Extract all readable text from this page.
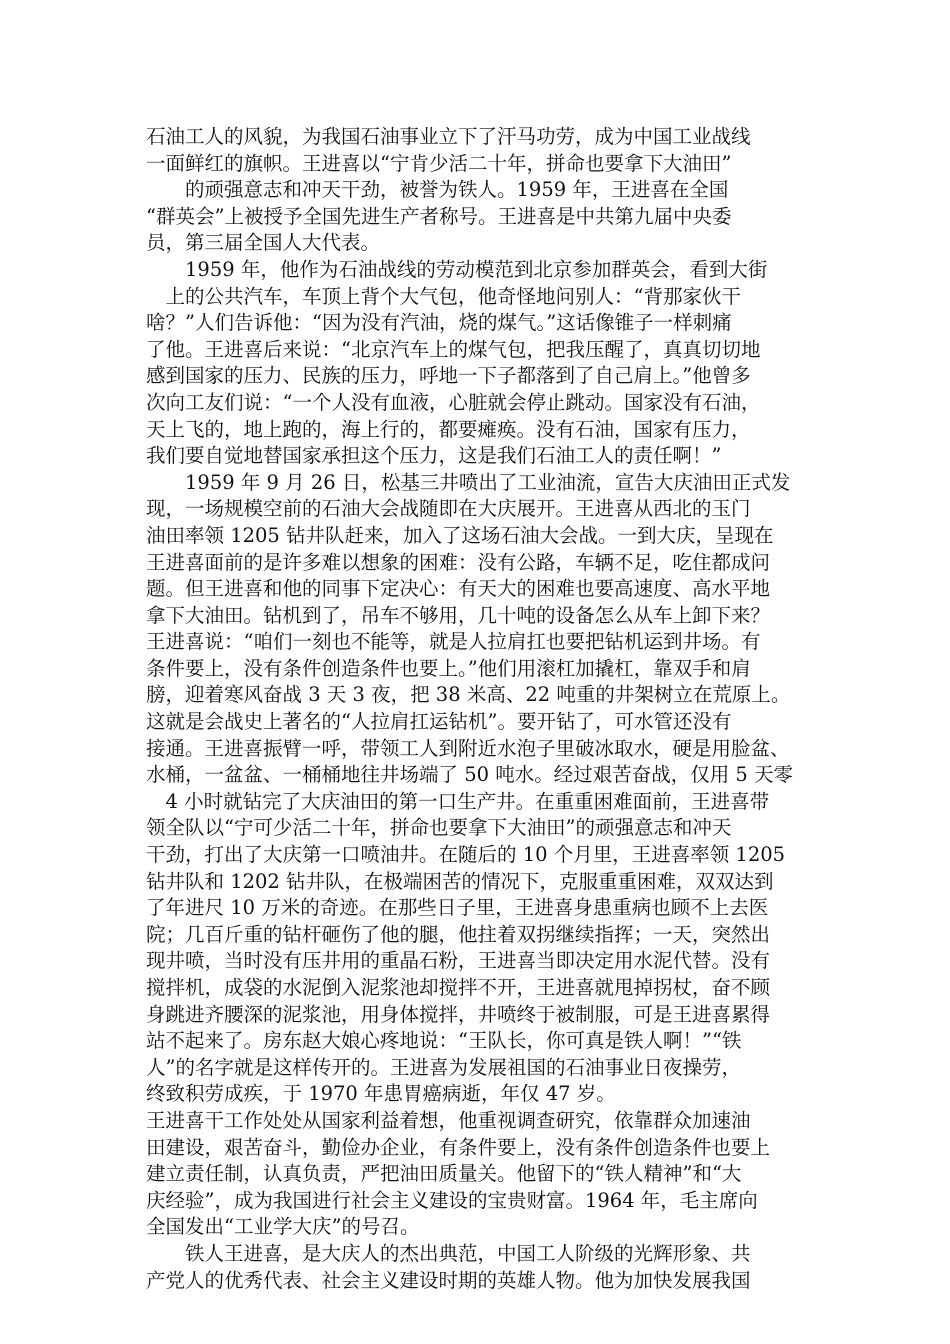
石油工人的风貌，为我国石油事业立下了汗马功劳，成为中国工业战线
一面鲜红的旗帜。王进喜以“宁肯少活二十年，拼命也要拿下大油田”
　　的顽强意志和冲天干劲，被誉为铁人。1959 年，王进喜在全国
“群英会”上被授予全国先进生产者称号。王进喜是中共第九届中央委
员，第三届全国人大代表。
　　1959 年，他作为石油战线的劳动模范到北京参加群英会，看到大街
　上的公共汽车，车顶上背个大气包，他奇怪地问别人：“背那家伙干
啥？”人们告诉他：“因为没有汽油，烧的煤气。”这话像锥子一样刺痛
了他。王进喜后来说：“北京汽车上的煤气包，把我压醒了，真真切切地
感到国家的压力、民族的压力，呼地一下子都落到了自己肩上。”他曾多
次向工友们说：“一个人没有血液，心脏就会停止跳动。国家没有石油，
天上飞的，地上跑的，海上行的，都要瘫痪。没有石油，国家有压力，
我们要自觉地替国家承担这个压力，这是我们石油工人的责任啊！”
　　1959 年 9 月 26 日，松基三井喷出了工业油流，宣告大庆油田正式发
现，一场规模空前的石油大会战随即在大庆展开。王进喜从西北的玉门
油田率领 1205 钻井队赶来，加入了这场石油大会战。一到大庆，呈现在
王进喜面前的是许多难以想象的困难：没有公路，车辆不足，吃住都成问
题。但王进喜和他的同事下定决心：有天大的困难也要高速度、高水平地
拿下大油田。钻机到了，吊车不够用，几十吨的设备怎么从车上卸下来？
王进喜说：“咱们一刻也不能等，就是人拉肩扛也要把钻机运到井场。有
条件要上，没有条件创造条件也要上。”他们用滚杠加撬杠，靠双手和肩
膀，迎着寒风奋战 3 天 3 夜，把 38 米高、22 吨重的井架树立在荒原上。
这就是会战史上著名的“人拉肩扛运钻机”。要开钻了，可水管还没有
接通。王进喜振臂一呼，带领工人到附近水泡子里破冰取水，硬是用脸盆、
水桶，一盆盆、一桶桶地往井场端了 50 吨水。经过艰苦奋战，仅用 5 天零
　4 小时就钻完了大庆油田的第一口生产井。在重重困难面前，王进喜带
领全队以“宁可少活二十年，拼命也要拿下大油田”的顽强意志和冲天
干劲，打出了大庆第一口喷油井。在随后的 10 个月里，王进喜率领 1205
钻井队和 1202 钻井队，在极端困苦的情况下，克服重重困难，双双达到
了年进尺 10 万米的奇迹。在那些日子里，王进喜身患重病也顾不上去医
院；几百斤重的钻杆砸伤了他的腿，他拄着双拐继续指挥；一天，突然出
现井喷，当时没有压井用的重晶石粉，王进喜当即决定用水泥代替。没有
搅拌机，成袋的水泥倒入泥浆池却搅拌不开，王进喜就甩掉拐杖，奋不顾
身跳进齐腰深的泥浆池，用身体搅拌，井喷终于被制服，可是王进喜累得
站不起来了。房东赵大娘心疼地说：“王队长，你可真是铁人啊！”“铁
人”的名字就是这样传开的。王进喜为发展祖国的石油事业日夜操劳，
终致积劳成疾，于 1970 年患胃癌病逝，年仅 47 岁。
王进喜干工作处处从国家利益着想，他重视调查研究，依靠群众加速油
田建设，艰苦奋斗，勤俭办企业，有条件要上，没有条件创造条件也要上
建立责任制，认真负责，严把油田质量关。他留下的“铁人精神”和“大
庆经验”，成为我国进行社会主义建设的宝贵财富。1964 年，毛主席向
全国发出“工业学大庆”的号召。
　　铁人王进喜，是大庆人的杰出典范，中国工人阶级的光辉形象、共
产党人的优秀代表、社会主义建设时期的英雄人物。他为加快发展我国
